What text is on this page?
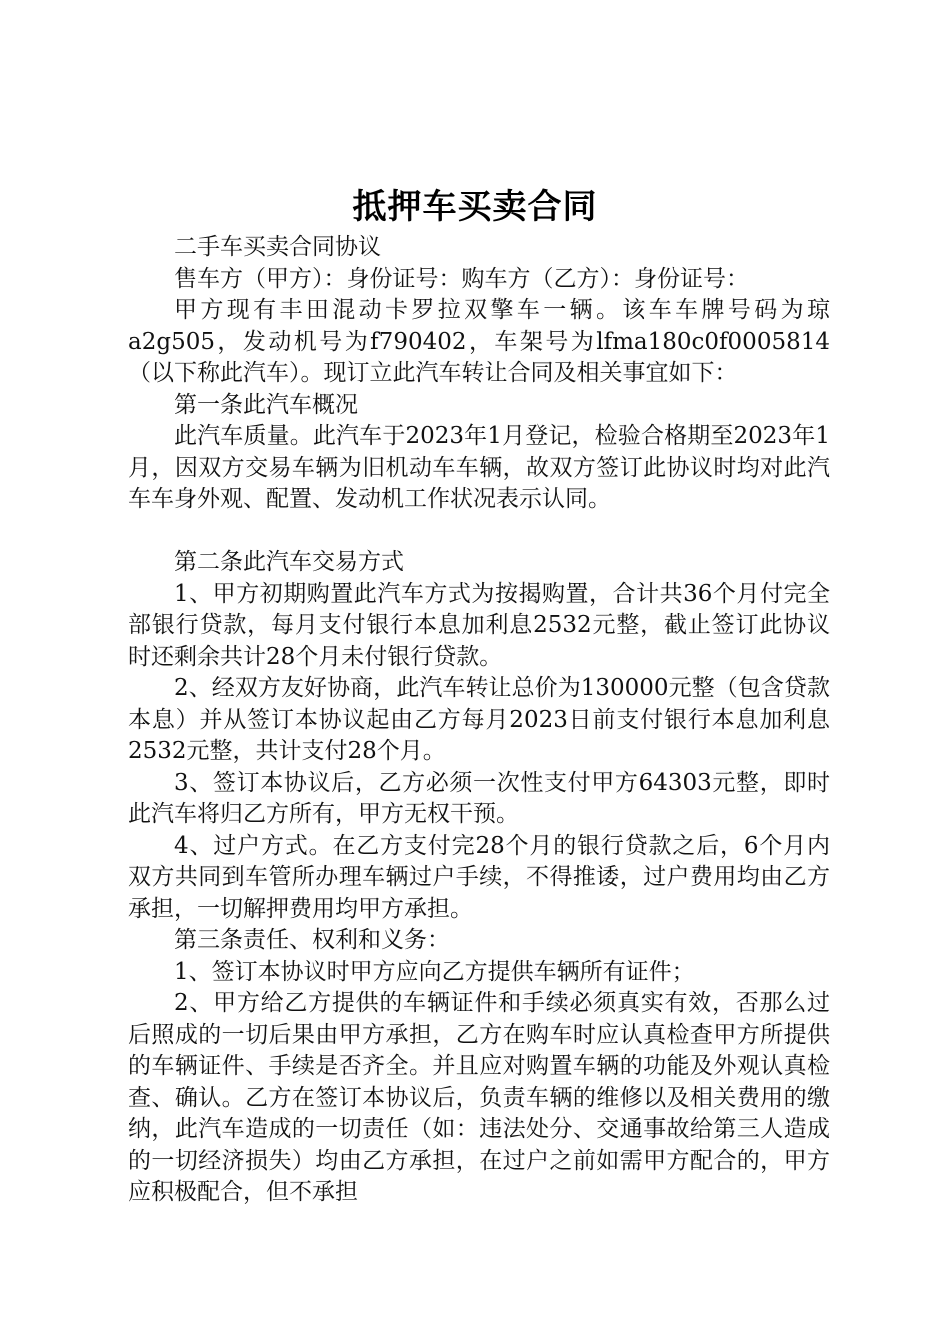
抵押车买卖合同

二手车买卖合同协议

售车方（甲方）：身份证号：购车方（乙方）：身份证号：

甲方现有丰田混动卡罗拉双擎车一辆。该车车牌号码为琼a2g505，发动机号为f790402，车架号为lfma180c0f0005814（以下称此汽车）。现订立此汽车转让合同及相关事宜如下：

第一条此汽车概况

此汽车质量。此汽车于2023年1月登记，检验合格期至2023年1月，因双方交易车辆为旧机动车车辆，故双方签订此协议时均对此汽车车身外观、配置、发动机工作状况表示认同。

第二条此汽车交易方式

1、甲方初期购置此汽车方式为按揭购置，合计共36个月付完全部银行贷款，每月支付银行本息加利息2532元整，截止签订此协议时还剩余共计28个月未付银行贷款。

2、经双方友好协商，此汽车转让总价为130000元整（包含贷款本息）并从签订本协议起由乙方每月2023日前支付银行本息加利息2532元整，共计支付28个月。

3、签订本协议后，乙方必须一次性支付甲方64303元整，即时此汽车将归乙方所有，甲方无权干预。

4、过户方式。在乙方支付完28个月的银行贷款之后，6个月内双方共同到车管所办理车辆过户手续，不得推诿，过户费用均由乙方承担，一切解押费用均甲方承担。

第三条责任、权利和义务：

1、签订本协议时甲方应向乙方提供车辆所有证件；

2、甲方给乙方提供的车辆证件和手续必须真实有效，否那么过后照成的一切后果由甲方承担，乙方在购车时应认真检查甲方所提供的车辆证件、手续是否齐全。并且应对购置车辆的功能及外观认真检查、确认。乙方在签订本协议后，负责车辆的维修以及相关费用的缴纳，此汽车造成的一切责任（如：违法处分、交通事故给第三人造成的一切经济损失）均由乙方承担，在过户之前如需甲方配合的，甲方应积极配合，但不承担
